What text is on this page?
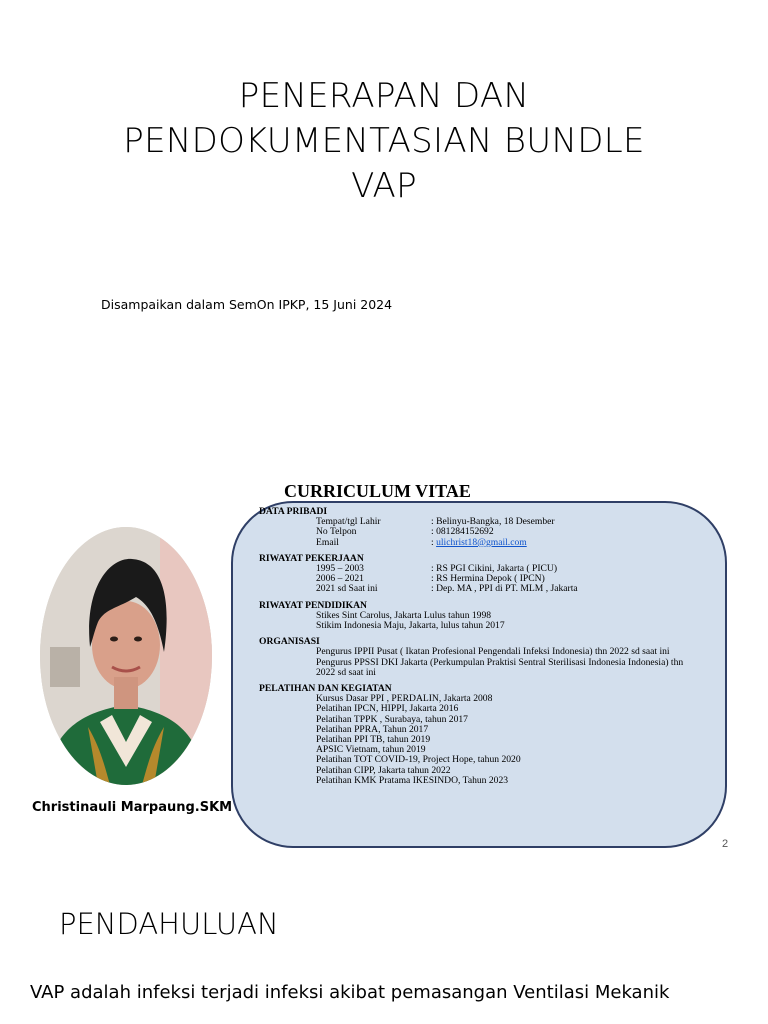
PENERAPAN DAN
PENDOKUMENTASIAN BUNDLE
VAP
Disampaikan dalam SemOn IPKP, 15 Juni 2024
Christinauli Marpaung.SKM
CURRICULUM VITAE
DATA PRIBADI
Tempat/tgl Lahir	: Belinyu-Bangka, 18 Desember
No Telpon	: 081284152692
Email	: ulichrist18@gmail.com
RIWAYAT PEKERJAAN
1995 – 2003	: RS PGI Cikini, Jakarta ( PICU)
2006 – 2021	: RS Hermina Depok ( IPCN)
2021 sd Saat ini	: Dep. MA , PPI di PT. MLM , Jakarta
RIWAYAT PENDIDIKAN
Stikes Sint Carolus, Jakarta Lulus tahun 1998
Stikim Indonesia Maju, Jakarta, lulus tahun 2017
ORGANISASI
Pengurus IPPII Pusat ( Ikatan Profesional Pengendali Infeksi Indonesia) thn 2022 sd saat ini
Pengurus PPSSI DKI Jakarta (Perkumpulan Praktisi Sentral Sterilisasi Indonesia Indonesia) thn
2022 sd saat ini
PELATIHAN DAN KEGIATAN
Kursus Dasar PPI , PERDALIN, Jakarta 2008
Pelatihan IPCN, HIPPI, Jakarta 2016
Pelatihan TPPK , Surabaya, tahun 2017
Pelatihan PPRA, Tahun 2017
Pelatihan PPI TB, tahun 2019
APSIC Vietnam, tahun 2019
Pelatihan TOT COVID-19, Project Hope, tahun 2020
Pelatihan CIPP, Jakarta tahun 2022
Pelatihan KMK Pratama IKESINDO, Tahun 2023
2
PENDAHULUAN
VAP adalah infeksi terjadi infeksi akibat pemasangan Ventilasi Mekanik
